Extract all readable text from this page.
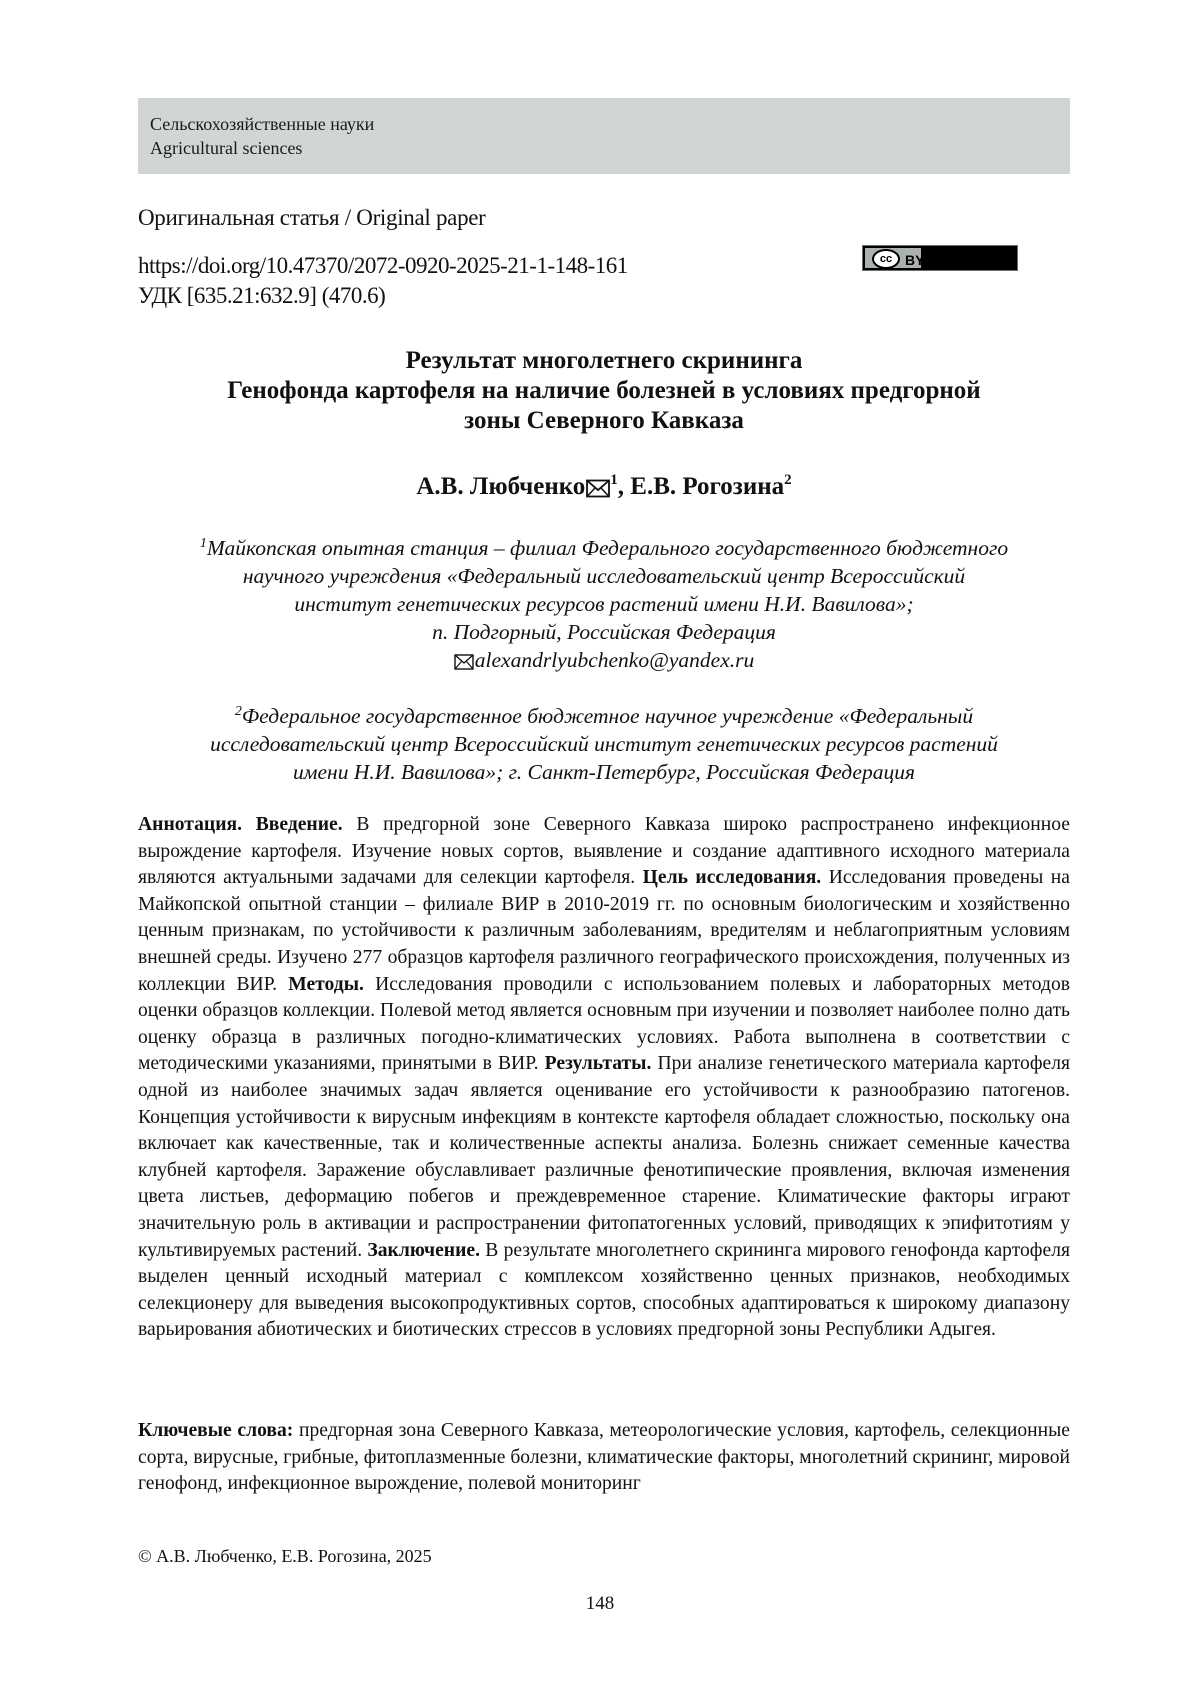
Сельскохозяйственные науки
Agricultural sciences
Оригинальная статья / Original paper
https://doi.org/10.47370/2072-0920-2025-21-1-148-161
УДК [635.21:632.9] (470.6)
cc BY
Результат многолетнего скрининга
Генофонда картофеля на наличие болезней в условиях предгорной
зоны Северного Кавказа
А.В. Любченко $^1$, Е.В. Рогозина$^2$
$^1$Майкопская опытная станция – филиал Федерального государственного бюджетного
научного учреждения «Федеральный исследовательский центр Всероссийский
институт генетических ресурсов растений имени Н.И. Вавилова»;
п. Подгорный, Российская Федерация
alexandrlyubchenko@yandex.ru
$^2$Федеральное государственное бюджетное научное учреждение «Федеральный
исследовательский центр Всероссийский институт генетических ресурсов растений
имени Н.И. Вавилова»; г. Санкт-Петербург, Российская Федерация

Аннотация. Введение. В предгорной зоне Северного Кавказа широко распространено инфекционное вырождение картофеля. Изучение новых сортов, выявление и создание адаптивного исходного материала являются актуальными задачами для селекции картофеля. Цель исследования. Исследования проведены на Майкопской опытной станции – филиале ВИР в 2010-2019 гг. по основным биологическим и хозяйственно ценным признакам, по устойчивости к различным заболеваниям, вредителям и неблагоприятным условиям внешней среды. Изучено 277 образцов картофеля различного географического происхождения, полученных из коллекции ВИР. Методы. Исследования проводили с использованием полевых и лабораторных методов оценки образцов коллекции. Полевой метод является основным при изучении и позволяет наиболее полно дать оценку образца в различных погодно-климатических условиях. Работа выполнена в соответствии с методическими указаниями, принятыми в ВИР. Результаты. При анализе генетического материала картофеля одной из наиболее значимых задач является оценивание его устойчивости к разнообразию патогенов. Концепция устойчивости к вирусным инфекциям в контексте картофеля обладает сложностью, поскольку она включает как качественные, так и количественные аспекты анализа. Болезнь снижает семенные качества клубней картофеля. Заражение обуславливает различные фенотипические проявления, включая изменения цвета листьев, деформацию побегов и преждевременное старение. Климатические факторы играют значительную роль в активации и распространении фитопатогенных условий, приводящих к эпифитотиям у культивируемых растений. Заключение. В результате многолетнего скрининга мирового генофонда картофеля выделен ценный исходный материал с комплексом хозяйственно ценных признаков, необходимых селекционеру для выведения высокопродуктивных сортов, способных адаптироваться к широкому диапазону варьирования абиотических и биотических стрессов в условиях предгорной зоны Республики Адыгея.

Ключевые слова: предгорная зона Северного Кавказа, метеорологические условия, картофель, селекционные сорта, вирусные, грибные, фитоплазменные болезни, климатические факторы, многолетний скрининг, мировой генофонд, инфекционное вырождение, полевой мониторинг

© А.В. Любченко, Е.В. Рогозина, 2025
148
